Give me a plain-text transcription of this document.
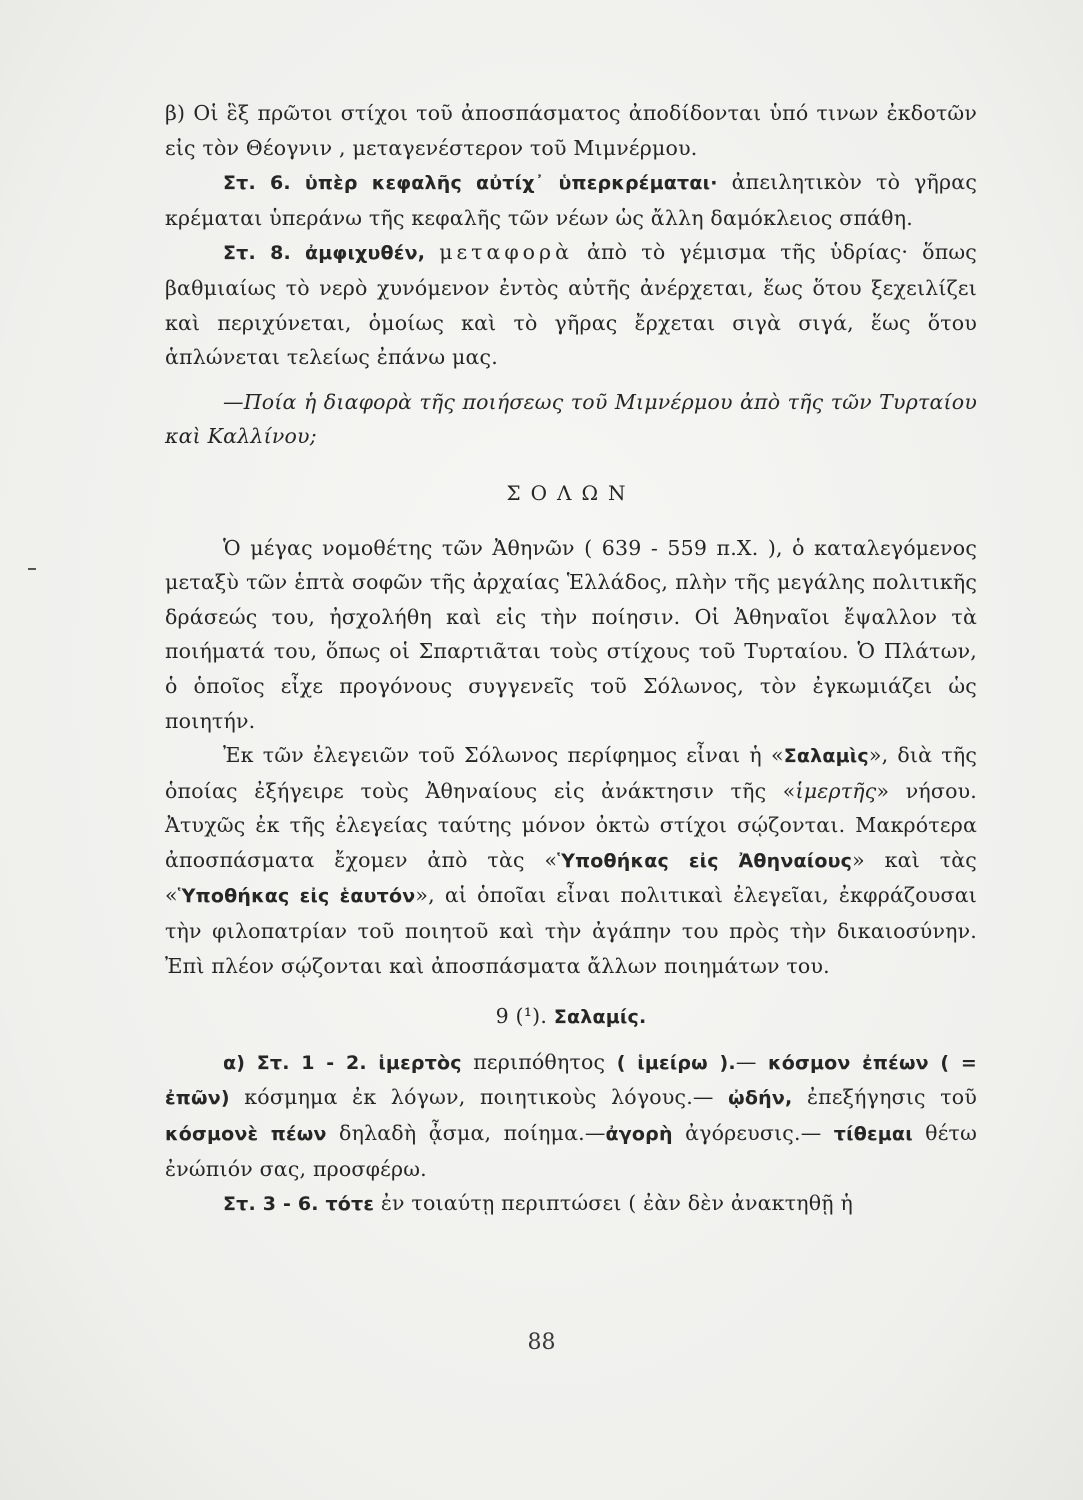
β) Οἱ ἓξ πρῶτοι στίχοι τοῦ ἀποσπάσματος ἀποδίδονται ὑπό τινων ἐκδοτῶν εἰς τὸν Θέογνιν , μεταγενέστερον τοῦ Μιμνέρμου.

Στ. 6. ὑπὲρ κεφαλῆς αὐτίχ᾽ ὑπερκρέμαται· ἀπειλητικὸν τὸ γῆρας κρέμαται ὑπεράνω τῆς κεφαλῆς τῶν νέων ὡς ἄλλη δαμόκλειος σπάθη.

Στ. 8. ἀμφιχυθέν, μεταφορὰ ἀπὸ τὸ γέμισμα τῆς ὑδρίας· ὅπως βαθμιαίως τὸ νερὸ χυνόμενον ἐντὸς αὐτῆς ἀνέρχεται, ἕως ὅτου ξεχειλίζει καὶ περιχύνεται, ὁμοίως καὶ τὸ γῆρας ἔρχεται σιγὰ σιγά, ἕως ὅτου ἁπλώνεται τελείως ἐπάνω μας.

—Ποία ἡ διαφορὰ τῆς ποιήσεως τοῦ Μιμνέρμου ἀπὸ τῆς τῶν Τυρταίου καὶ Καλλίνου;

ΣΟΛΩΝ

Ὁ μέγας νομοθέτης τῶν Ἀθηνῶν ( 639 - 559 π.Χ. ), ὁ καταλεγόμενος μεταξὺ τῶν ἑπτὰ σοφῶν τῆς ἀρχαίας Ἑλλάδος, πλὴν τῆς μεγάλης πολιτικῆς δράσεώς του, ἠσχολήθη καὶ εἰς τὴν ποίησιν. Οἱ Ἀθηναῖοι ἔψαλλον τὰ ποιήματά του, ὅπως οἱ Σπαρτιᾶται τοὺς στίχους τοῦ Τυρταίου. Ὁ Πλάτων, ὁ ὁποῖος εἶχε προγόνους συγγενεῖς τοῦ Σόλωνος, τὸν ἐγκωμιάζει ὡς ποιητήν.

Ἐκ τῶν ἐλεγειῶν τοῦ Σόλωνος περίφημος εἶναι ἡ «Σαλαμὶς», διὰ τῆς ὁποίας ἐξήγειρε τοὺς Ἀθηναίους εἰς ἀνάκτησιν τῆς «ἱμερτῆς» νήσου. Ἀτυχῶς ἐκ τῆς ἐλεγείας ταύτης μόνον ὀκτὼ στίχοι σῴζονται. Μακρότερα ἀποσπάσματα ἔχομεν ἀπὸ τὰς «Ὑποθήκας εἰς Ἀθηναίους» καὶ τὰς «Ὑποθήκας εἰς ἑαυτόν», αἱ ὁποῖαι εἶναι πολιτικαὶ ἐλεγεῖαι, ἐκφράζουσαι τὴν φιλοπατρίαν τοῦ ποιητοῦ καὶ τὴν ἀγάπην του πρὸς τὴν δικαιοσύνην. Ἐπὶ πλέον σῴζονται καὶ ἀποσπάσματα ἄλλων ποιημάτων του.

9 (¹). Σαλαμίς.

α) Στ. 1 - 2. ἱμερτὸς περιπόθητος ( ἱμείρω ).— κόσμον ἐπέων ( = ἐπῶν) κόσμημα ἐκ λόγων, ποιητικοὺς λόγους.— ᾠδήν, ἐπεξήγησις τοῦ κόσμονὲ πέων δηλαδὴ ᾆσμα, ποίημα.—ἀγορὴ ἀγόρευσις.— τίθεμαι θέτω ἐνώπιόν σας, προσφέρω.

Στ. 3 - 6. τότε ἐν τοιαύτῃ περιπτώσει ( ἐὰν δὲν ἀνακτηθῇ ἡ

88
